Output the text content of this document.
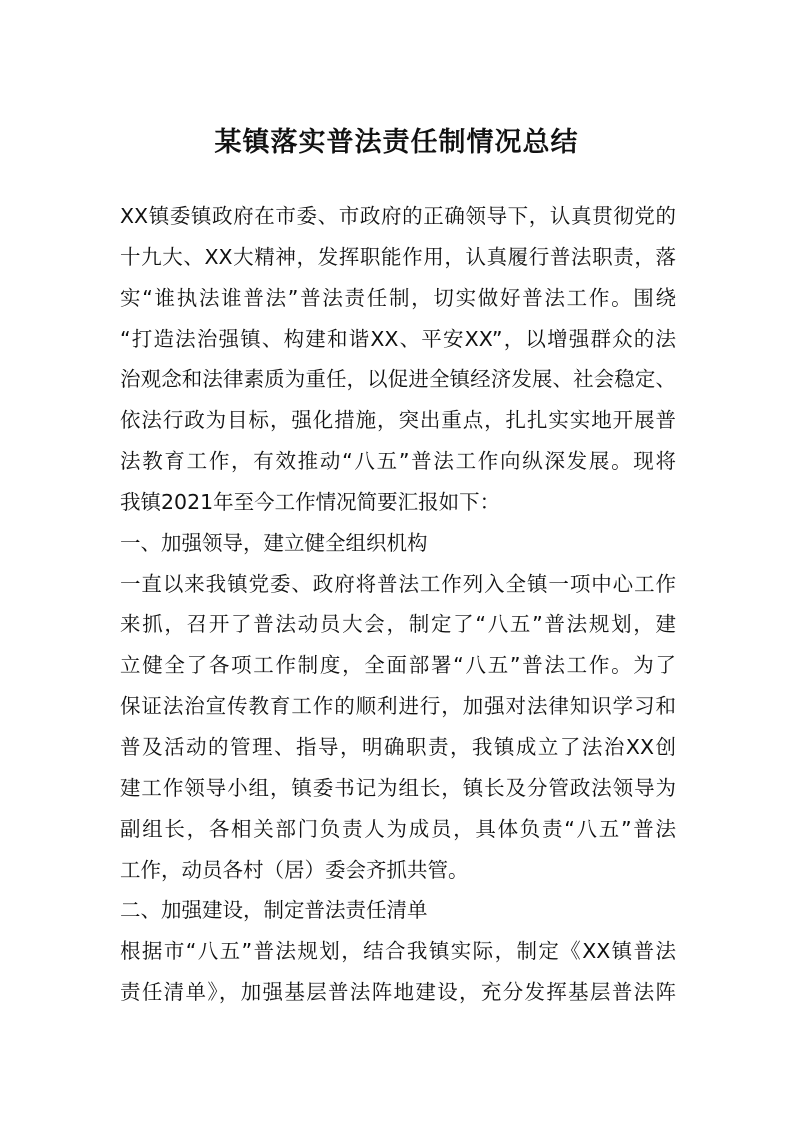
某镇落实普法责任制情况总结
XX镇委镇政府在市委、市政府的正确领导下，认真贯彻党的
十九大、XX大精神，发挥职能作用，认真履行普法职责，落
实“谁执法谁普法”普法责任制，切实做好普法工作。围绕
“打造法治强镇、构建和谐XX、平安XX”，以增强群众的法
治观念和法律素质为重任，以促进全镇经济发展、社会稳定、
依法行政为目标，强化措施，突出重点，扎扎实实地开展普
法教育工作，有效推动“八五”普法工作向纵深发展。现将
我镇2021年至今工作情况简要汇报如下：
一、加强领导，建立健全组织机构
一直以来我镇党委、政府将普法工作列入全镇一项中心工作
来抓，召开了普法动员大会，制定了“八五”普法规划，建
立健全了各项工作制度，全面部署“八五”普法工作。为了
保证法治宣传教育工作的顺利进行，加强对法律知识学习和
普及活动的管理、指导，明确职责，我镇成立了法治XX创
建工作领导小组，镇委书记为组长，镇长及分管政法领导为
副组长，各相关部门负责人为成员，具体负责“八五”普法
工作，动员各村（居）委会齐抓共管。
二、加强建设，制定普法责任清单
根据市“八五”普法规划，结合我镇实际，制定《XX镇普法
责任清单》，加强基层普法阵地建设，充分发挥基层普法阵
